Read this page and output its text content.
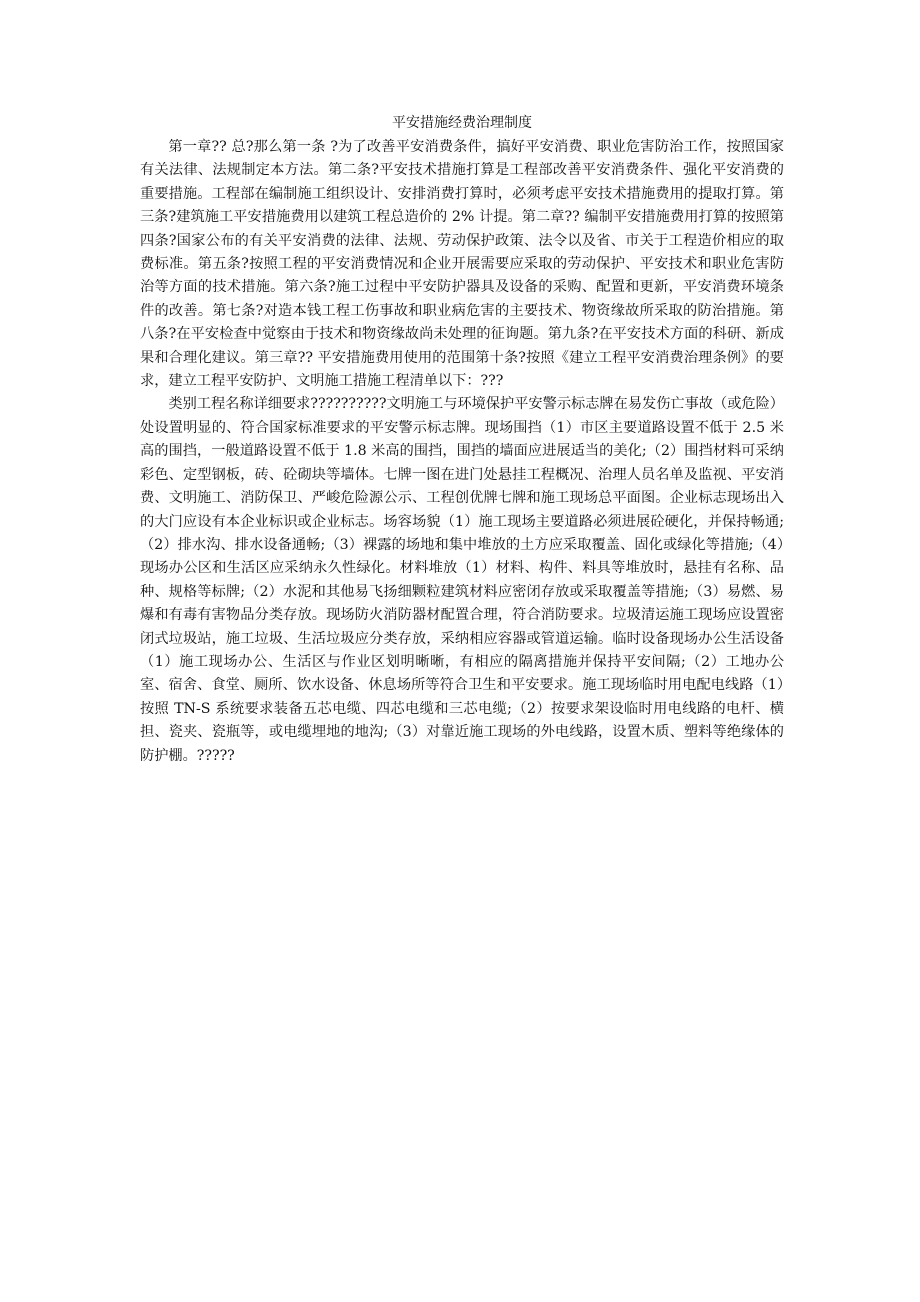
平安措施经费治理制度

第一章?? 总?那么第一条 ?为了改善平安消费条件，搞好平安消费、职业危害防治工作，按照国家有关法律、法规制定本方法。第二条?平安技术措施打算是工程部改善平安消费条件、强化平安消费的重要措施。工程部在编制施工组织设计、安排消费打算时，必须考虑平安技术措施费用的提取打算。第三条?建筑施工平安措施费用以建筑工程总造价的 2% 计提。第二章?? 编制平安措施费用打算的按照第四条?国家公布的有关平安消费的法律、法规、劳动保护政策、法令以及省、市关于工程造价相应的取费标准。第五条?按照工程的平安消费情况和企业开展需要应采取的劳动保护、平安技术和职业危害防治等方面的技术措施。第六条?施工过程中平安防护器具及设备的采购、配置和更新，平安消费环境条件的改善。第七条?对造本钱工程工伤事故和职业病危害的主要技术、物资缘故所采取的防治措施。第八条?在平安检查中觉察由于技术和物资缘故尚未处理的征询题。第九条?在平安技术方面的科研、新成果和合理化建议。第三章?? 平安措施费用使用的范围第十条?按照《建立工程平安消费治理条例》的要求，建立工程平安防护、文明施工措施工程清单以下：???

类别工程名称详细要求??????????文明施工与环境保护平安警示标志牌在易发伤亡事故（或危险）处设置明显的、符合国家标准要求的平安警示标志牌。现场围挡（1）市区主要道路设置不低于 2.5 米高的围挡，一般道路设置不低于 1.8 米高的围挡，围挡的墙面应进展适当的美化;（2）围挡材料可采纳彩色、定型钢板，砖、砼砌块等墙体。七牌一图在进门处悬挂工程概况、治理人员名单及监视、平安消费、文明施工、消防保卫、严峻危险源公示、工程创优牌七牌和施工现场总平面图。企业标志现场出入的大门应设有本企业标识或企业标志。场容场貌（1）施工现场主要道路必须进展砼硬化，并保持畅通;（2）排水沟、排水设备通畅;（3）裸露的场地和集中堆放的土方应采取覆盖、固化或绿化等措施;（4）现场办公区和生活区应采纳永久性绿化。材料堆放（1）材料、构件、料具等堆放时，悬挂有名称、品种、规格等标牌;（2）水泥和其他易飞扬细颗粒建筑材料应密闭存放或采取覆盖等措施;（3）易燃、易爆和有毒有害物品分类存放。现场防火消防器材配置合理，符合消防要求。垃圾清运施工现场应设置密闭式垃圾站，施工垃圾、生活垃圾应分类存放，采纳相应容器或管道运输。临时设备现场办公生活设备（1）施工现场办公、生活区与作业区划明晰晰，有相应的隔离措施并保持平安间隔;（2）工地办公室、宿舍、食堂、厕所、饮水设备、休息场所等符合卫生和平安要求。施工现场临时用电配电线路（1）按照 TN-S 系统要求装备五芯电缆、四芯电缆和三芯电缆;（2）按要求架设临时用电线路的电杆、横担、瓷夹、瓷瓶等，或电缆埋地的地沟;（3）对靠近施工现场的外电线路，设置木质、塑料等绝缘体的防护棚。?????
